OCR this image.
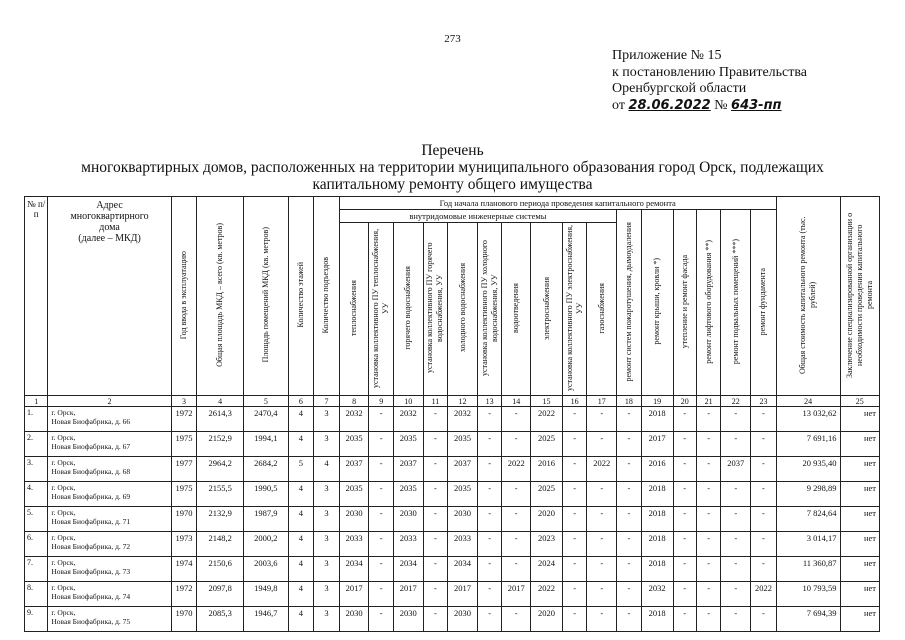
273
Приложение № 15
к постановлению Правительства
Оренбургской области
от 28.06.2022 № 643-пп
Перечень
многоквартирных домов, расположенных на территории муниципального образования город Орск, подлежащих
капитальному ремонту общего имущества
№ п/п	Адрес
многоквартирного
дома
(далее – МКД)	Год ввода в эксплуатацию	Общая площадь МКД – всего (кв. метров)	Площадь помещений МКД (кв. метров)	Количество этажей	Количество подъездов	Год начала планового периода проведения капитального ремонта																Общая стоимость капитального ремонта (тыс. рублей)	Заключение специализированной организации о необходимости проведения капитального ремонта
							внутридомовые инженерные системы										ремонт систем пожаротушения, дымоудаления	ремонт крыши, кровли *)	утепление и ремонт фасада	ремонт лифтового оборудования **)	ремонт подвальных помещений ***)	ремонт фундамента		
							теплоснабжения	установка коллективного ПУ теплоснабжения, УУ	горячего водоснабжения	установка коллективного ПУ горячего водоснабжения, УУ	холодного водоснабжения	установка коллективного ПУ холодного водоснабжения, УУ	водоотведения	электроснабжения	установка коллективного ПУ электроснабжения, УУ	газоснабжения								
1	2	3	4	5	6	7	8	9	10	11	12	13	14	15	16	17	18	19	20	21	22	23	24	25
1.	г. Орск,
Новая Биофабрика, д. 66	1972	2614,3	2470,4	4	3	2032	-	2032	-	2032	-	-	2022	-	-	-	2018	-	-	-	-	13 032,62	нет
2.	г. Орск,
Новая Биофабрика, д. 67	1975	2152,9	1994,1	4	3	2035	-	2035	-	2035	-	-	2025	-	-	-	2017	-	-	-	-	7 691,16	нет
3.	г. Орск,
Новая Биофабрика, д. 68	1977	2964,2	2684,2	5	4	2037	-	2037	-	2037	-	2022	2016	-	2022	-	2016	-	-	2037	-	20 935,40	нет
4.	г. Орск,
Новая Биофабрика, д. 69	1975	2155,5	1990,5	4	3	2035	-	2035	-	2035	-	-	2025	-	-	-	2018	-	-	-	-	9 298,89	нет
5.	г. Орск,
Новая Биофабрика, д. 71	1970	2132,9	1987,9	4	3	2030	-	2030	-	2030	-	-	2020	-	-	-	2018	-	-	-	-	7 824,64	нет
6.	г. Орск,
Новая Биофабрика, д. 72	1973	2148,2	2000,2	4	3	2033	-	2033	-	2033	-	-	2023	-	-	-	2018	-	-	-	-	3 014,17	нет
7.	г. Орск,
Новая Биофабрика, д. 73	1974	2150,6	2003,6	4	3	2034	-	2034	-	2034	-	-	2024	-	-	-	2018	-	-	-	-	11 360,87	нет
8.	г. Орск,
Новая Биофабрика, д. 74	1972	2097,8	1949,8	4	3	2017	-	2017	-	2017	-	2017	2022	-	-	-	2032	-	-	-	2022	10 793,59	нет
9.	г. Орск,
Новая Биофабрика, д. 75	1970	2085,3	1946,7	4	3	2030	-	2030	-	2030	-	-	2020	-	-	-	2018	-	-	-	-	7 694,39	нет
